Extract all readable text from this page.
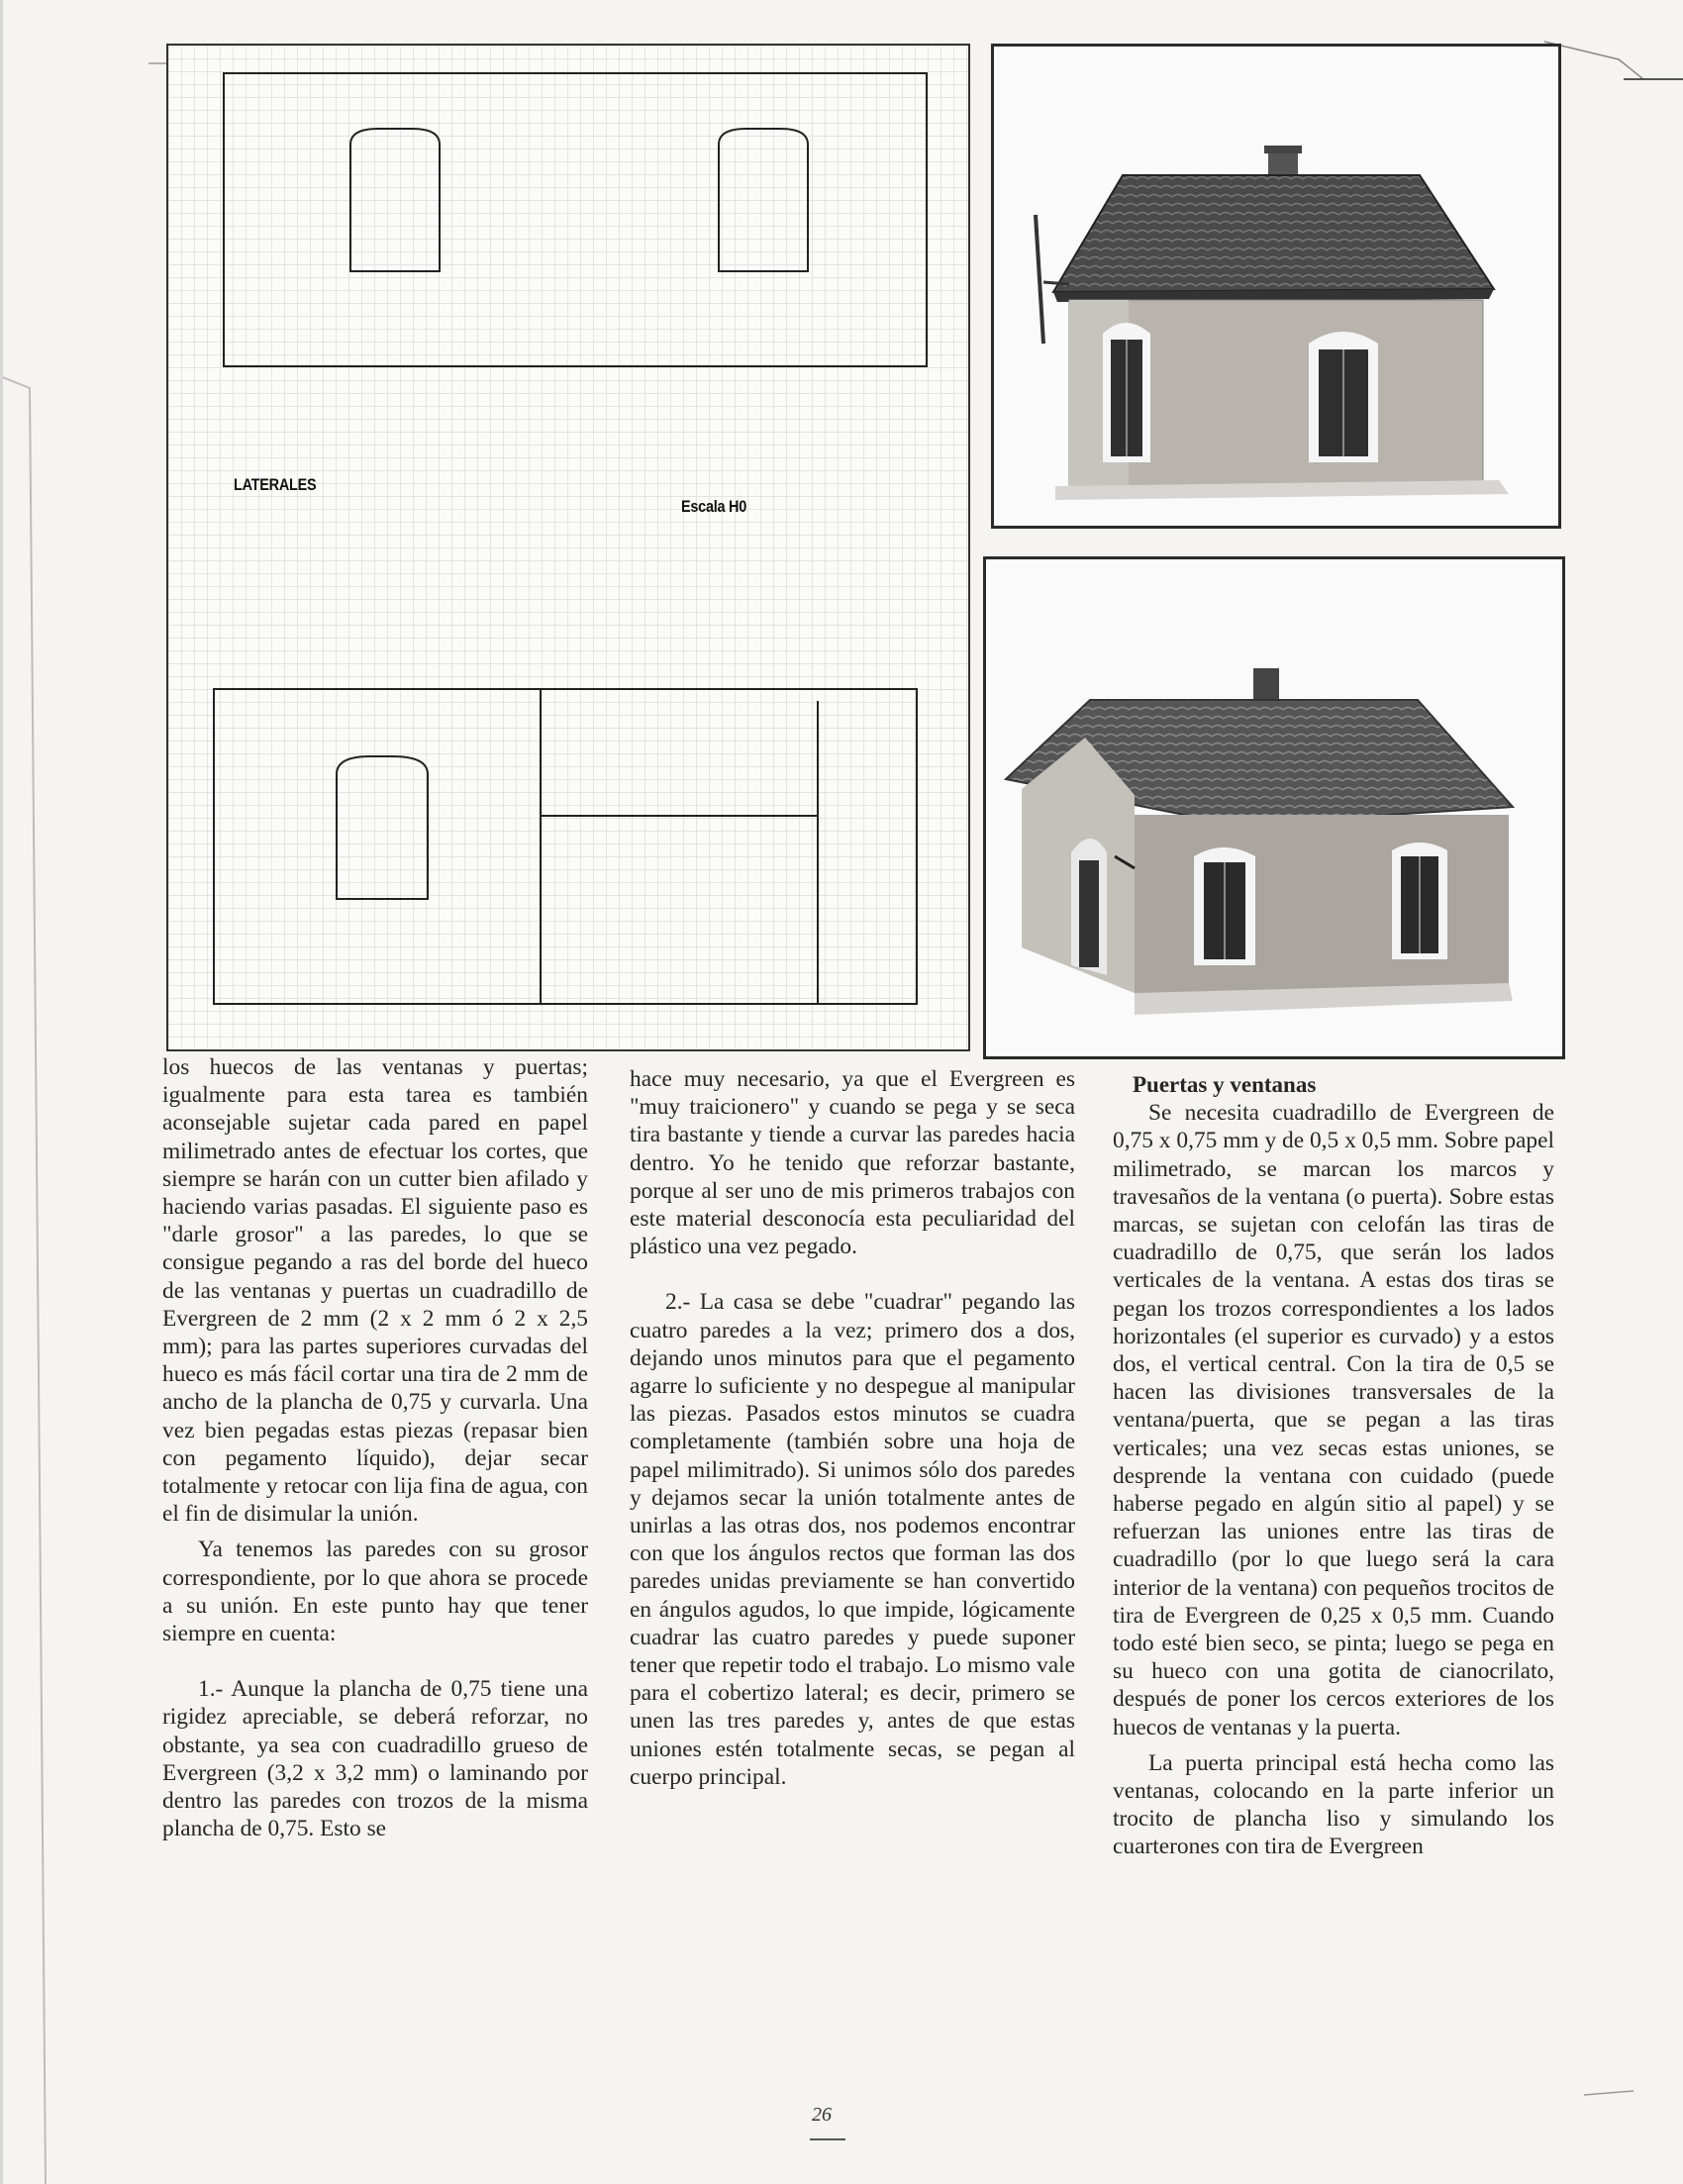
LATERALES
Escala H0

los huecos de las ventanas y puertas; igualmente para esta tarea es también aconsejable sujetar cada pared en papel milimetrado antes de efectuar los cortes, que siempre se harán con un cutter bien afilado y haciendo varias pasadas. El siguiente paso es "darle grosor" a las paredes, lo que se consigue pegando a ras del borde del hueco de las ventanas y puertas un cuadradillo de Evergreen de 2 mm (2 x 2 mm ó 2 x 2,5 mm); para las partes superiores curvadas del hueco es más fácil cortar una tira de 2 mm de ancho de la plancha de 0,75 y curvarla. Una vez bien pegadas estas piezas (repasar bien con pegamento líquido), dejar secar totalmente y retocar con lija fina de agua, con el fin de disimular la unión.

Ya tenemos las paredes con su grosor correspondiente, por lo que ahora se procede a su unión. En este punto hay que tener siempre en cuenta:

1.- Aunque la plancha de 0,75 tiene una rigidez apreciable, se deberá reforzar, no obstante, ya sea con cuadradillo grueso de Evergreen (3,2 x 3,2 mm) o laminando por dentro las paredes con trozos de la misma plancha de 0,75. Esto se

hace muy necesario, ya que el Evergreen es "muy traicionero" y cuando se pega y se seca tira bastante y tiende a curvar las paredes hacia dentro. Yo he tenido que reforzar bastante, porque al ser uno de mis primeros trabajos con este material desconocía esta peculiaridad del plástico una vez pegado.

2.- La casa se debe "cuadrar" pegando las cuatro paredes a la vez; primero dos a dos, dejando unos minutos para que el pegamento agarre lo suficiente y no despegue al manipular las piezas. Pasados estos minutos se cuadra completamente (también sobre una hoja de papel milimitrado). Si unimos sólo dos paredes y dejamos secar la unión totalmente antes de unirlas a las otras dos, nos podemos encontrar con que los ángulos rectos que forman las dos paredes unidas previamente se han convertido en ángulos agudos, lo que impide, lógicamente cuadrar las cuatro paredes y puede suponer tener que repetir todo el trabajo. Lo mismo vale para el cobertizo lateral; es decir, primero se unen las tres paredes y, antes de que estas uniones estén totalmente secas, se pegan al cuerpo principal.

Puertas y ventanas

Se necesita cuadradillo de Evergreen de 0,75 x 0,75 mm y de 0,5 x 0,5 mm. Sobre papel milimetrado, se marcan los marcos y travesaños de la ventana (o puerta). Sobre estas marcas, se sujetan con celofán las tiras de cuadradillo de 0,75, que serán los lados verticales de la ventana. A estas dos tiras se pegan los trozos correspondientes a los lados horizontales (el superior es curvado) y a estos dos, el vertical central. Con la tira de 0,5 se hacen las divisiones transversales de la ventana/puerta, que se pegan a las tiras verticales; una vez secas estas uniones, se desprende la ventana con cuidado (puede haberse pegado en algún sitio al papel) y se refuerzan las uniones entre las tiras de cuadradillo (por lo que luego será la cara interior de la ventana) con pequeños trocitos de tira de Evergreen de 0,25 x 0,5 mm. Cuando todo esté bien seco, se pinta; luego se pega en su hueco con una gotita de cianocrilato, después de poner los cercos exteriores de los huecos de ventanas y la puerta.

La puerta principal está hecha como las ventanas, colocando en la parte inferior un trocito de plancha liso y simulando los cuarterones con tira de Evergreen

26
